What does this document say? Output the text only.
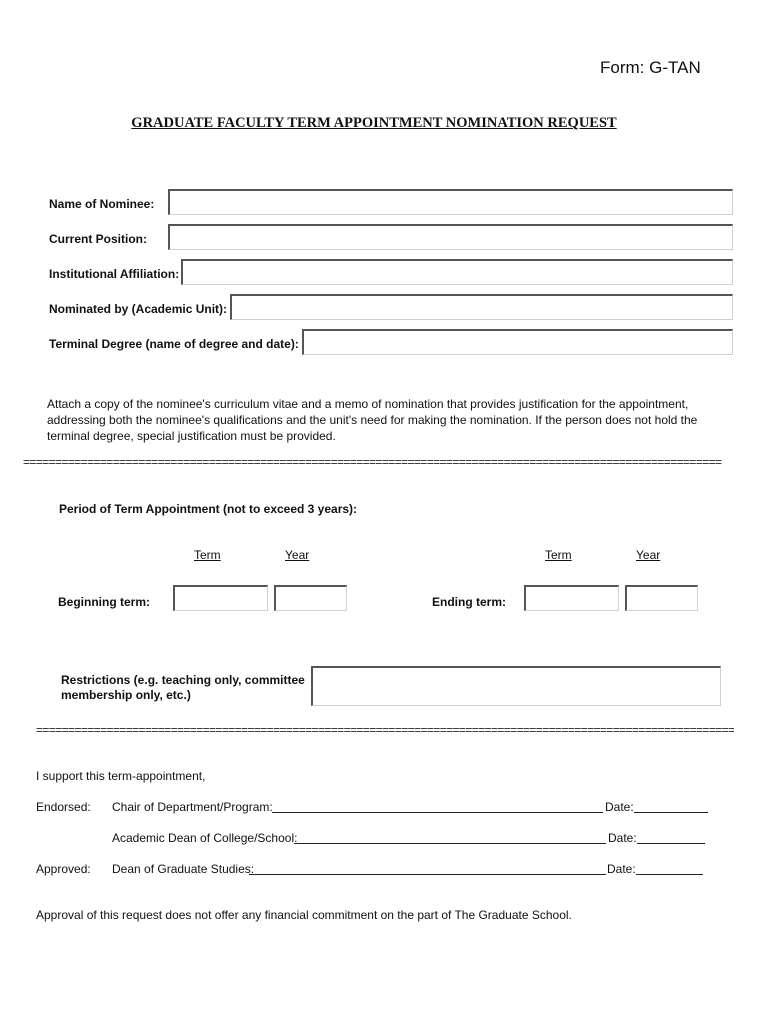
Form: G-TAN
GRADUATE FACULTY TERM APPOINTMENT NOMINATION REQUEST
Name of Nominee:
Current Position:
Institutional Affiliation:
Nominated by (Academic Unit):
Terminal Degree (name of degree and date):
Attach a copy of the nominee's curriculum vitae and a memo of nomination that provides justification for the appointment, addressing both the nominee's qualifications and the unit's need for making the nomination. If the person does not hold the terminal degree, special justification must be provided.
=============================================================================================================
Period of Term Appointment (not to exceed 3 years):
Term	Year	Term	Year
Beginning term:	Ending term:
Restrictions (e.g. teaching only, committee
membership only, etc.)
=============================================================================================================
I support this term-appointment,
Endorsed: Chair of Department/Program:	Date:
Academic Dean of College/School:	Date:
Approved: Dean of Graduate Studies:	Date:
Approval of this request does not offer any financial commitment on the part of The Graduate School.
